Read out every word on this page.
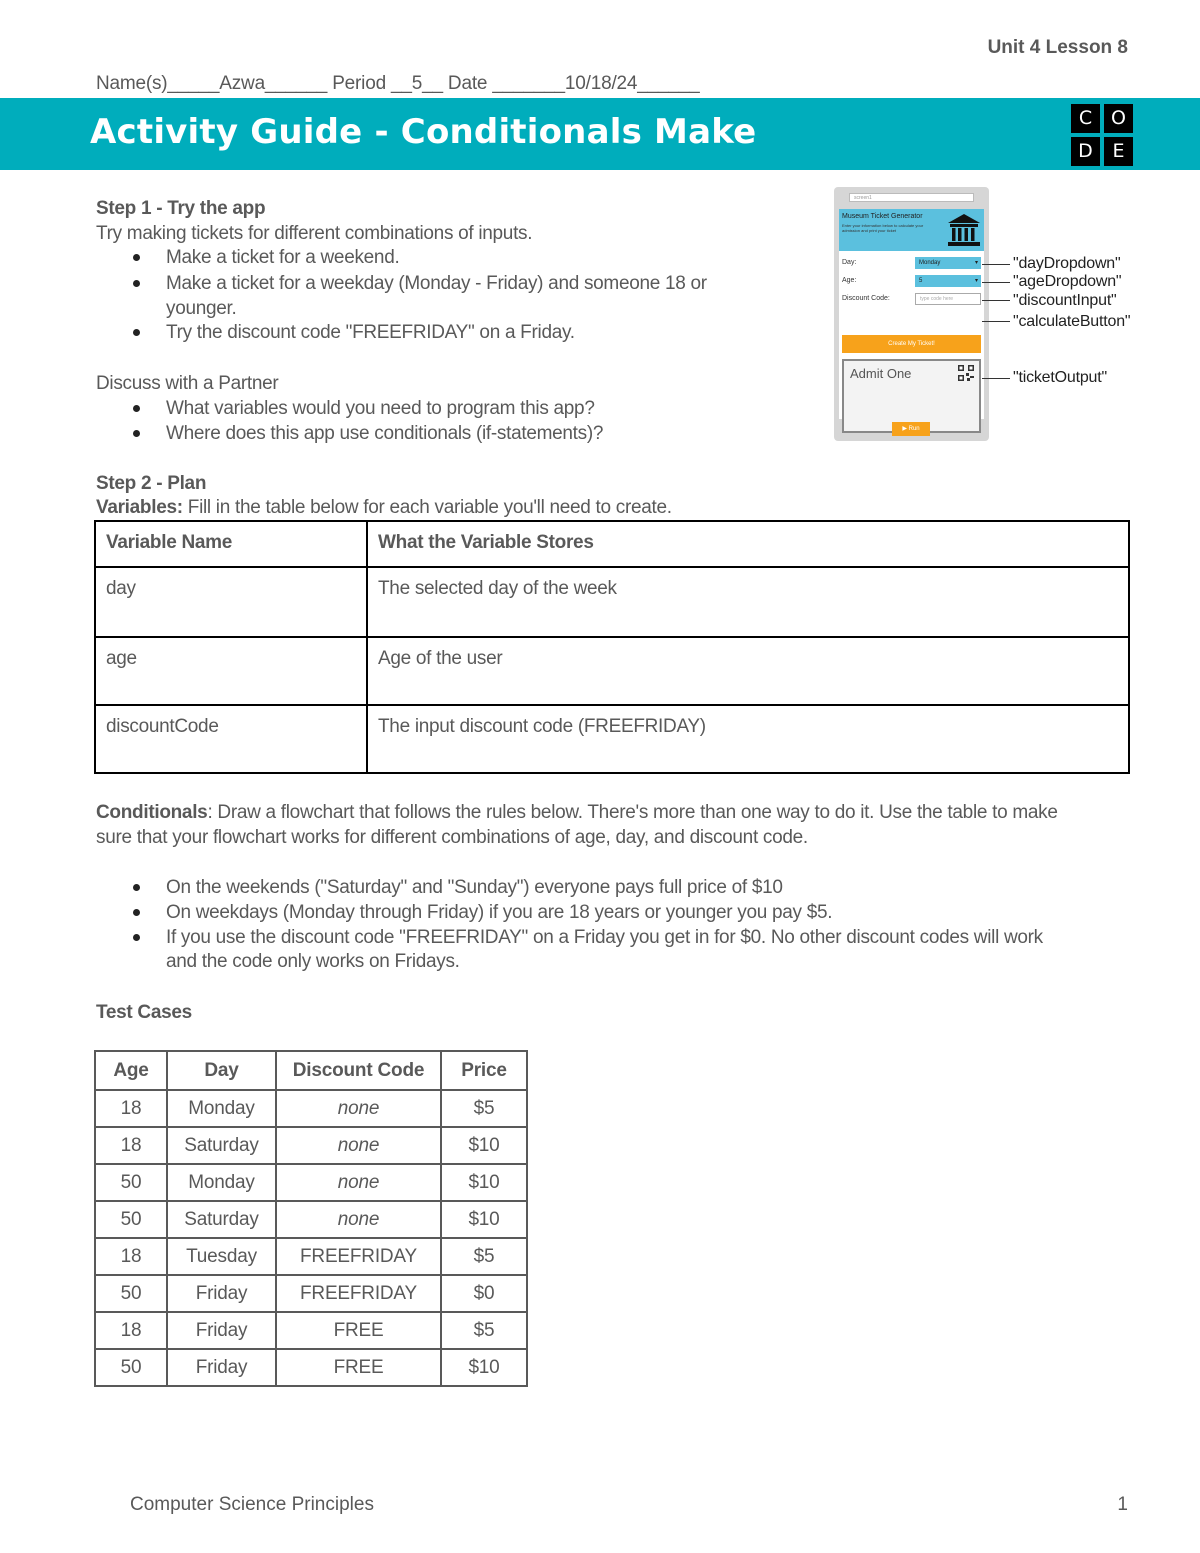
Unit 4 Lesson 8
Name(s)_____Azwa______ Period __5__ Date _______10/18/24______
Activity Guide - Conditionals Make	C O
D	E
Step 1 - Try the app
Try making tickets for different combinations of inputs.
Make a ticket for a weekend.
Make a ticket for a weekday (Monday - Friday) and someone 18 or
younger.
Try the discount code "FREEFRIDAY" on a Friday.
Discuss with a Partner
What variables would you need to program this app?
Where does this app use conditionals (if-statements)?
screen1
Museum Ticket Generator
Enter your information below to calculate your admission and print your ticket
Day:	Monday	▾
Age:	5	▾
Discount Code:	type code here
Create My Ticket!
Admit One
▶ Run
"dayDropdown"
"ageDropdown"
"discountInput"
"calculateButton"
"ticketOutput"
Step 2 - Plan
Variables: Fill in the table below for each variable you'll need to create.
Variable Name	What the Variable Stores
day	The selected day of the week
age	Age of the user
discountCode	The input discount code (FREEFRIDAY)
Conditionals: Draw a flowchart that follows the rules below. There's more than one way to do it. Use the table to make
sure that your flowchart works for different combinations of age, day, and discount code.
On the weekends ("Saturday" and "Sunday") everyone pays full price of $10
On weekdays (Monday through Friday) if you are 18 years or younger you pay $5.
If you use the discount code "FREEFRIDAY" on a Friday you get in for $0. No other discount codes will work
and the code only works on Fridays.
Test Cases
Age	Day	Discount Code	Price
18	Monday	none	$5
18	Saturday	none	$10
50	Monday	none	$10
50	Saturday	none	$10
18	Tuesday	FREEFRIDAY	$5
50	Friday	FREEFRIDAY	$0
18	Friday	FREE	$5
50	Friday	FREE	$10
Computer Science Principles	1
